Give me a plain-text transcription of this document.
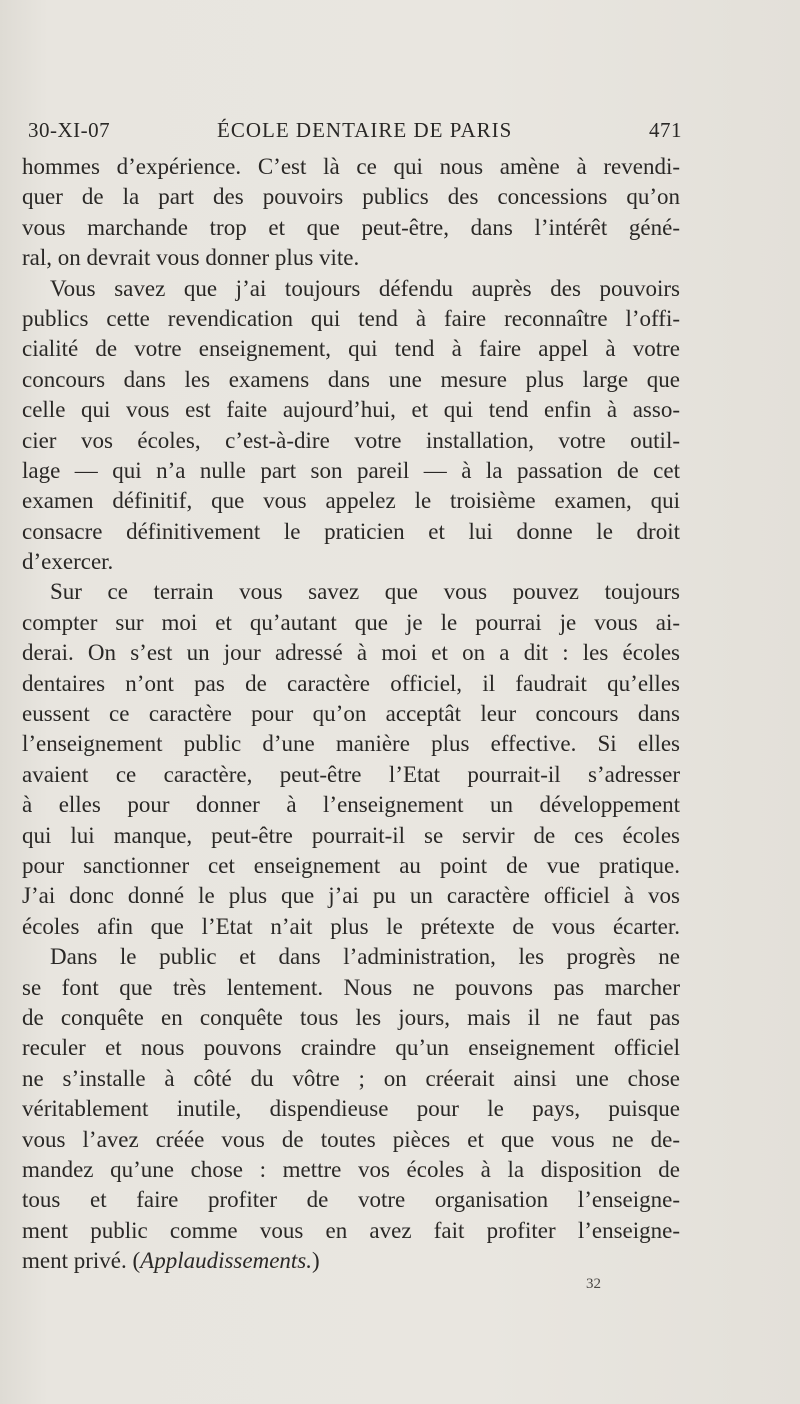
30-XI-07	ÉCOLE DENTAIRE DE PARIS	471
hommes d’expérience. C’est là ce qui nous amène à revendi-
quer de la part des pouvoirs publics des concessions qu’on
vous marchande trop et que peut-être, dans l’intérêt géné-
ral, on devrait vous donner plus vite.
Vous savez que j’ai toujours défendu auprès des pouvoirs
publics cette revendication qui tend à faire reconnaître l’offi-
cialité de votre enseignement, qui tend à faire appel à votre
concours dans les examens dans une mesure plus large que
celle qui vous est faite aujourd’hui, et qui tend enfin à asso-
cier vos écoles, c’est-à-dire votre installation, votre outil-
lage — qui n’a nulle part son pareil — à la passation de cet
examen définitif, que vous appelez le troisième examen, qui
consacre définitivement le praticien et lui donne le droit
d’exercer.
Sur ce terrain vous savez que vous pouvez toujours
compter sur moi et qu’autant que je le pourrai je vous ai-
derai. On s’est un jour adressé à moi et on a dit : les écoles
dentaires n’ont pas de caractère officiel, il faudrait qu’elles
eussent ce caractère pour qu’on acceptât leur concours dans
l’enseignement public d’une manière plus effective. Si elles
avaient ce caractère, peut-être l’Etat pourrait-il s’adresser
à elles pour donner à l’enseignement un développement
qui lui manque, peut-être pourrait-il se servir de ces écoles
pour sanctionner cet enseignement au point de vue pratique.
J’ai donc donné le plus que j’ai pu un caractère officiel à vos
écoles afin que l’Etat n’ait plus le prétexte de vous écarter.
Dans le public et dans l’administration, les progrès ne
se font que très lentement. Nous ne pouvons pas marcher
de conquête en conquête tous les jours, mais il ne faut pas
reculer et nous pouvons craindre qu’un enseignement officiel
ne s’installe à côté du vôtre ; on créerait ainsi une chose
véritablement inutile, dispendieuse pour le pays, puisque
vous l’avez créée vous de toutes pièces et que vous ne de-
mandez qu’une chose : mettre vos écoles à la disposition de
tous et faire profiter de votre organisation l’enseigne-
ment public comme vous en avez fait profiter l’enseigne-
ment privé. (Applaudissements.)
32
